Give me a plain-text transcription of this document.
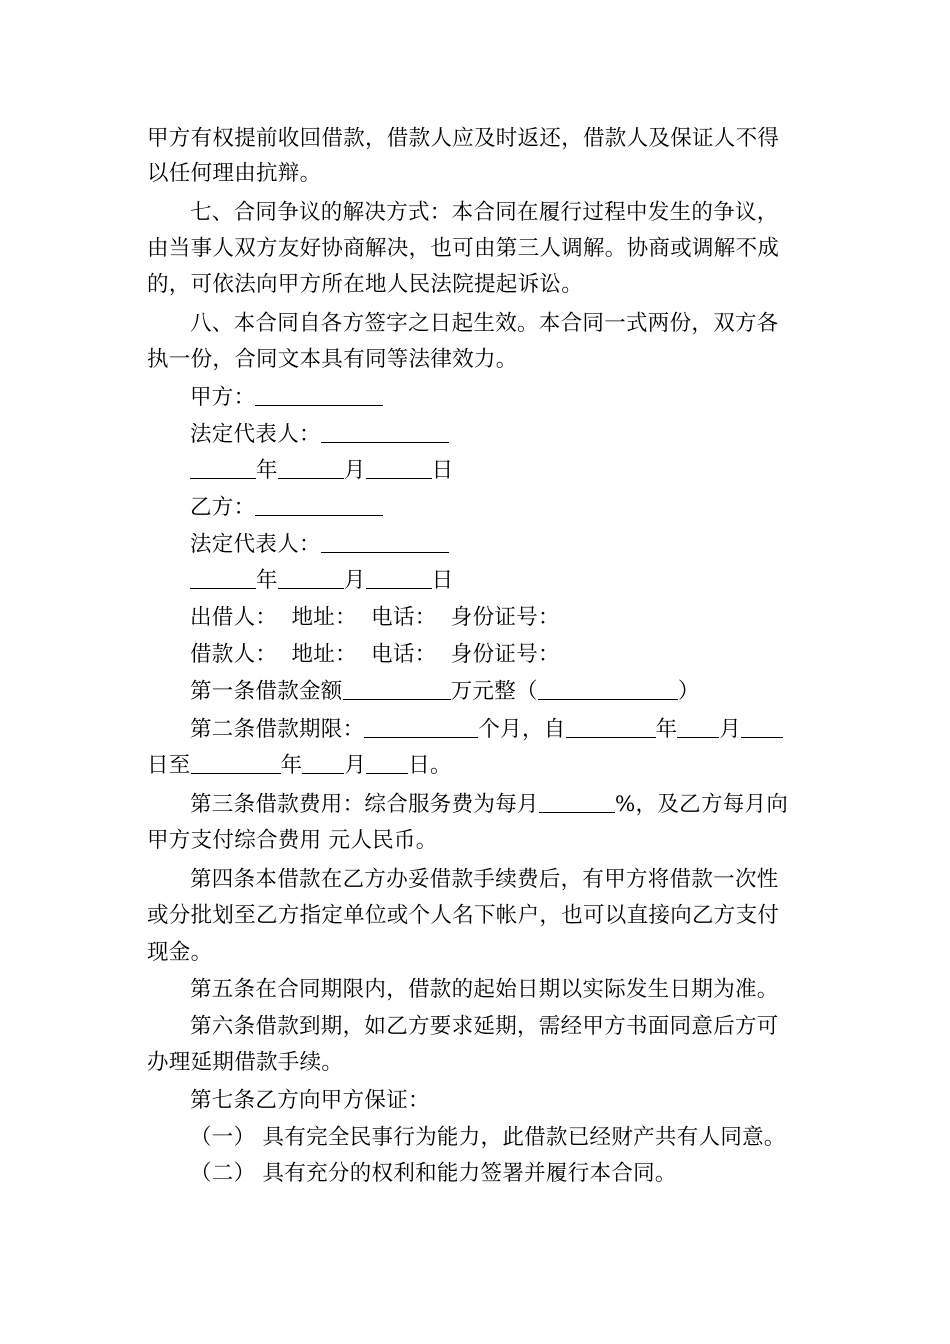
甲方有权提前收回借款，借款人应及时返还，借款人及保证人不得
以任何理由抗辩。
七、合同争议的解决方式：本合同在履行过程中发生的争议，
由当事人双方友好协商解决，也可由第三人调解。协商或调解不成
的，可依法向甲方所在地人民法院提起诉讼。
八、本合同自各方签字之日起生效。本合同一式两份，双方各
执一份，合同文本具有同等法律效力。
甲方：
法定代表人：
年	月	日
乙方：
法定代表人：
年	月	日
出借人：  地址：  电话：  身份证号：
借款人：  地址：  电话：  身份证号：
第一条借款金额	万元整（	）
第二条借款期限：	个月，自	年 月
日至	年 月 日。
第三条借款费用：综合服务费为每月	%，及乙方每月向
甲方支付综合费用 元人民币。
第四条本借款在乙方办妥借款手续费后，有甲方将借款一次性
或分批划至乙方指定单位或个人名下帐户，也可以直接向乙方支付
现金。
第五条在合同期限内，借款的起始日期以实际发生日期为准。
第六条借款到期，如乙方要求延期，需经甲方书面同意后方可
办理延期借款手续。
第七条乙方向甲方保证：
（一） 具有完全民事行为能力，此借款已经财产共有人同意。
（二） 具有充分的权利和能力签署并履行本合同。
